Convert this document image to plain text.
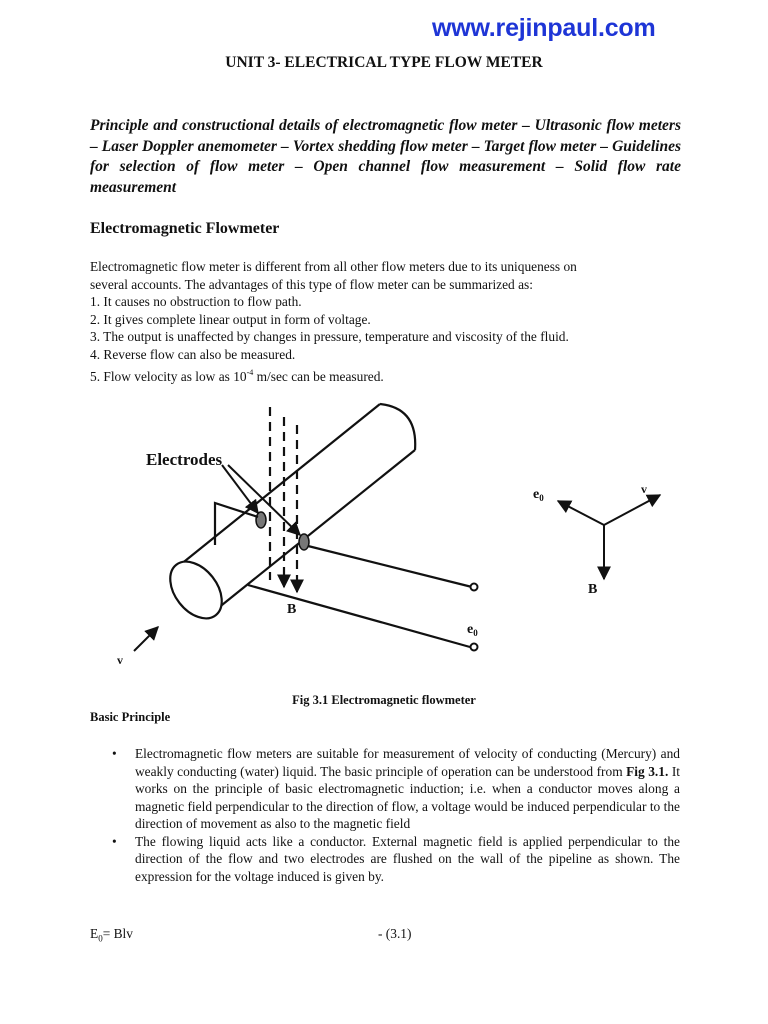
www.rejinpaul.com
UNIT 3- ELECTRICAL TYPE FLOW METER
Principle and constructional details of electromagnetic flow meter – Ultrasonic flow meters – Laser Doppler anemometer – Vortex shedding flow meter – Target flow meter – Guidelines for selection of flow meter – Open channel flow measurement – Solid flow rate measurement
Electromagnetic Flowmeter
Electromagnetic flow meter is different from all other flow meters due to its uniqueness on
several accounts. The advantages of this type of flow meter can be summarized as:
1. It causes no obstruction to flow path.
2. It gives complete linear output in form of voltage.
3. The output is unaffected by changes in pressure, temperature and viscosity of the fluid.
4. Reverse flow can also be measured.
5. Flow velocity as low as $10^{-4}$ m/sec can be measured.
Electrodes
B
$e_0$
v
$e_0$
v
B
Fig 3.1 Electromagnetic flowmeter
Basic Principle
• Electromagnetic flow meters are suitable for measurement of velocity of conducting (Mercury) and weakly conducting (water) liquid. The basic principle of operation can be understood from Fig 3.1. It works on the principle of basic electromagnetic induction; i.e. when a conductor moves along a magnetic field perpendicular to the direction of flow, a voltage would be induced perpendicular to the direction of movement as also to the magnetic field
• The flowing liquid acts like a conductor. External magnetic field is applied perpendicular to the direction of the flow and two electrodes are flushed on the wall of the pipeline as shown. The expression for the voltage induced is given by.
$E_0=$ Blv	- (3.1)
